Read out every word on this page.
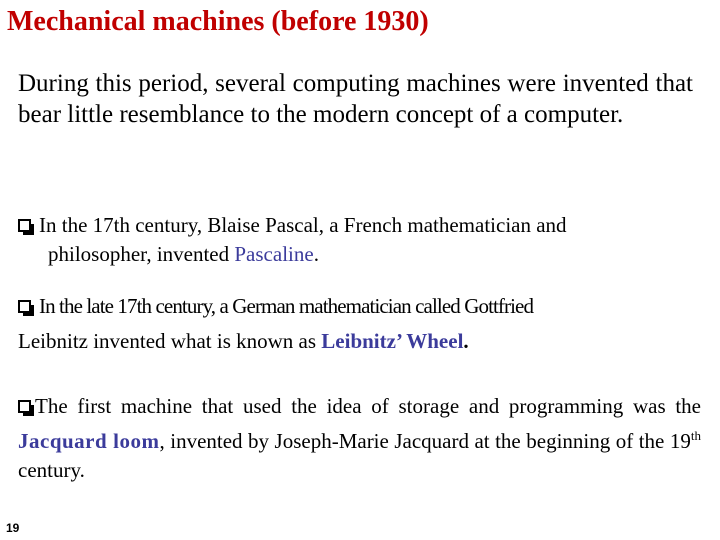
Mechanical machines (before 1930)
During this period, several computing machines were invented that bear little resemblance to the modern concept of a computer.
In the 17th century, Blaise Pascal, a French mathematician and
philosopher, invented Pascaline.
In the late 17th century, a German mathematician called Gottfried
Leibnitz invented what is known as Leibnitz’ Wheel.
The first machine that used the idea of storage and programming was the Jacquard loom, invented by Joseph-Marie Jacquard at the beginning of the 19th century.
19
